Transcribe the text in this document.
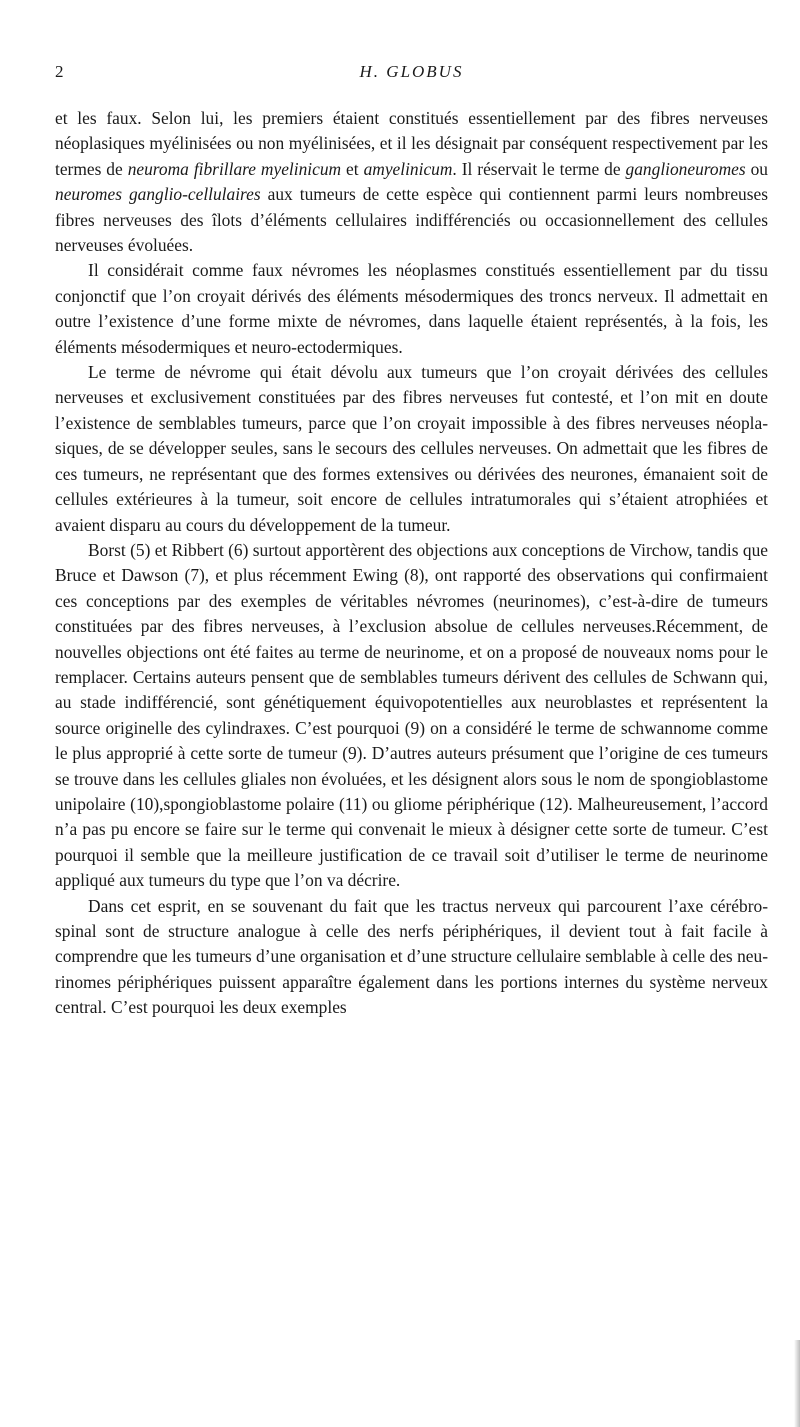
2	H. GLOBUS

et les faux. Selon lui, les premiers étaient constitués essentiellement par des fibres nerveuses néoplasiques myélinisées ou non myélinisées, et il les désignait par conséquent respectivement par les termes de neuroma fibrillare myelinicum et amyelinicum. Il réservait le terme de ganglioneuromes ou neuromes ganglio-cellulaires aux tumeurs de cette espèce qui contiennent parmi leurs nombreuses fibres nerveuses des îlots d’éléments cellulaires indifférenciés ou occasionnellement des cellules nerveuses évoluées.

Il considérait comme faux névromes les néoplasmes constitués essentiellement par du tissu conjonctif que l’on croyait dérivés des éléments mésodermiques des troncs nerveux. Il admettait en outre l’existence d’une forme mixte de névromes, dans laquelle étaient représentés, à la fois, les éléments mésodermiques et neuro-ectodermiques.

Le terme de névrome qui était dévolu aux tumeurs que l’on croyait dérivées des cellules nerveuses et exclusivement constituées par des fibres nerveuses fut contesté, et l’on mit en doute l’existence de semblables tumeurs, parce que l’on croyait impossible à des fibres nerveuses néoplasiques, de se développer seules, sans le secours des cellules nerveuses. On admettait que les fibres de ces tumeurs, ne représentant que des formes extensives ou dérivées des neurones, émanaient soit de cellules extérieures à la tumeur, soit encore de cellules intratumorales qui s’étaient atrophiées et avaient disparu au cours du développement de la tumeur.

Borst (5) et Ribbert (6) surtout apportèrent des objections aux conceptions de Virchow, tandis que Bruce et Dawson (7), et plus récemment Ewing (8), ont rapporté des observations qui confirmaient ces conceptions par des exemples de véritables névromes (neurinomes), c’est-à-dire de tumeurs constituées par des fibres nerveuses, à l’exclusion absolue de cellules nerveuses.Récemment, de nouvelles objections ont été faites au terme de neurinome, et on a proposé de nouveaux noms pour le remplacer. Certains auteurs pensent que de semblables tumeurs dérivent des cellules de Schwann qui, au stade indifférencié, sont génétiquement équivopotentielles aux neuroblastes et représentent la source originelle des cylindraxes. C’est pourquoi (9) on a considéré le terme de schwannome comme le plus approprié à cette sorte de tumeur (9). D’autres auteurs présument que l’origine de ces tumeurs se trouve dans les cellules gliales non évoluées, et les désignent alors sous le nom de spongioblastome unipolaire (10),spongioblastome polaire (11) ou gliome périphérique (12). Malheureusement, l’accord n’a pas pu encore se faire sur le terme qui convenait le mieux à désigner cette sorte de tumeur. C’est pourquoi il semble que la meilleure justification de ce travail soit d’utiliser le terme de neurinome appliqué aux tumeurs du type que l’on va décrire.

Dans cet esprit, en se souvenant du fait que les tractus nerveux qui parcourent l’axe cérébro-spinal sont de structure analogue à celle des nerfs périphériques, il devient tout à fait facile à comprendre que les tumeurs d’une organisation et d’une structure cellulaire semblable à celle des neurinomes périphériques puissent apparaître également dans les portions internes du système nerveux central. C’est pourquoi les deux exemples
